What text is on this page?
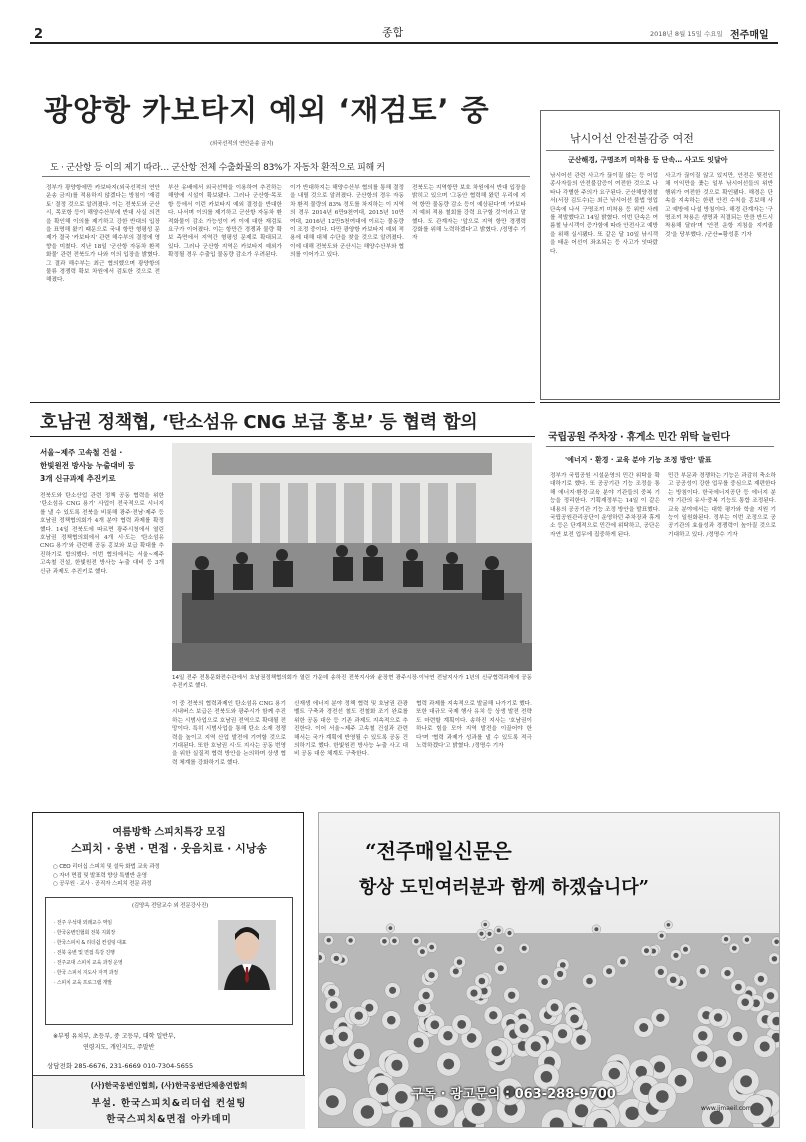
2	종합	2018년 8월 15일 수요일 전주매일
광양항 카보타지 예외 ‘재검토’ 중
(외국선적의 연안운송 금지)
도 · 군산항 등 이의 제기 따라… 군산항 전체 수출화물의 83%가 자동차 환적으로 피해 커
정부가 광양항에만 카보타지(외국선적의 연안운송 금지)를 적용하지 않겠다는 방침이 '재검토' 결정 것으로 알려졌다. 이는 전북도와 군산시, 목포항 등이 해양수산부에 반대 사실 의견을 확인해 이의를 제기하고 강한 반대의 입장을 표명해 왔기 때문으로 국내 항만 형평성 문제가 결국 '카보타지' 관련 해수부의 결정에 영향을 미쳤다. 지난 18일 '군산항 자동차 환적화물' 관련 전북도가 나와 이의 입장을 밝혔다. 그 결과 해수부는 최근 협의했으며 광양항의 물류 경쟁력 확보 차원에서 검토한 것으로 전해졌다.
부산 유배에서 외국선박을 이용하여 추진하는 해양에 시설이 확보됐다. 그러나 군산항·목포항 등에서 이런 카보타지 예외 결정을 반대한다. 나서며 이의를 제기하고 군산항 자동차 환적화물이 감소 가능성이 커 이에 대한 재검토 요구가 이어졌다. 이는 항만간 경쟁과 물량 확보 측면에서 지역간 형평성 문제로 확대되고 있다. 그러나 군산항 지역은 카보타지 예외가 확정될 경우 수출입 물동량 감소가 우려된다.
이가 반대하지는 해양수산부 협의를 통해 결정을 내릴 것으로 알려졌다. 군산항의 경우 자동차 환적 물량의 83% 정도를 차지하는 이 지역의 경우 2014년 6만9천여대, 2015년 10만여대, 2016년 12만5천여대에 이르는 물동량이 조정 중이다. 다만 광양항 카보타지 예외 적용에 대해 대체 수단을 찾을 것으로 알려졌다. 이에 대해 전북도와 군산시는 해양수산부와 협의를 이어가고 있다.
전북도는 지역항만 보호 차원에서 반대 입장을 밝히고 있으며 '그동안 협력해 왔던 우리에 지역 항만 물동량 감소 등이 예상된다'며 '카보타지 예외 적용 철회를 강력 요구할 것'이라고 말했다. 도 관계자는 '앞으로 지역 항만 경쟁력 강화를 위해 노력하겠다'고 밝혔다. /정명수 기자
낚시어선 안전불감증 여전
군산해경, 구명조끼 미착용 등 단속… 사고도 잇달아
낚시어선 관련 사고가 끊이질 않는 등 어업종사자들의 안전불감증이 여전한 것으로 나타나 각별한 주의가 요구된다. 군산해양경찰서(서장 김도수)는 최근 낚시어선 불법 영업 단속에 나서 구명조끼 미착용 등 위반 사례를 적발했다고 14일 밝혔다. 이번 단속은 여름철 낚시객이 증가함에 따라 안전사고 예방을 위해 실시됐다. 또 같은 달 10일 낚시객을 태운 어선이 좌초되는 등 사고가 잇따랐다.
사고가 끊이질 않고 있지만, 안전은 뒷전인 채 이익만을 좇는 일부 낚시어선들의 위반 행위가 여전한 것으로 확인됐다. 해경은 단속을 지속하는 한편 안전 수칙을 홍보해 사고 예방에 나설 방침이다. 해경 관계자는 '구명조끼 착용은 생명과 직결되는 만큼 반드시 착용해 달라'며 '안전 운항 지침을 지켜줄 것'을 당부했다. /군산=황성훈 기자
호남권 정책협, ‘탄소섬유 CNG 보급 홍보’ 등 협력 합의
서울~제주 고속철 건설 ·
한빛원전 방사능 누출대비 등
3개 신규과제 추진키로
전북도와 탄소산업 관련 정책 공동 협력을 위한 '탄소섬유 CNG 용기' 사업이 전국적으로 시너지를 낼 수 있도록 전북을 비롯해 광주·전남·제주 등 호남권 정책협의회가 4개 분야 협력 과제를 확정했다. 14일 전북도에 따르면 광주시청에서 열린 호남권 정책협의회에서 4개 시·도는 '탄소섬유 CNG 용기'와 관련해 공동 홍보와 보급 확대를 추진하기로 합의했다. 이번 협의에서는 서울~제주 고속철 건설, 한빛원전 방사능 누출 대비 등 3개 신규 과제도 추진키로 했다.
14일 전주 전통문화전수관에서 호남권정책협의회가 열린 가운데 송하진 전북지사와 윤장현 광주시장·이낙연 전남지사가 1년의 신규협력과제에 공동 추진키로 했다.
이 중 전북의 협력과제인 탄소섬유 CNG 용기 시내버스 보급은 전북도와 광주시가 함께 추진하는 시범사업으로 호남권 전역으로 확대될 전망이다. 특히 시범사업을 통해 탄소 소재 경쟁력을 높이고 지역 산업 발전에 기여할 것으로 기대된다. 또한 호남권 시·도 지사는 공동 번영을 위한 실질적 협력 방안을 논의하며 상생 협력 체계를 강화하기로 했다.
신재생 에너지 분야 정책 협력 및 호남권 관광벨트 구축과 경전선 철도 전철화 조기 완료를 위한 공동 대응 등 기존 과제도 지속적으로 추진한다. 이어 서울~제주 고속철 건설과 관련해서는 국가 계획에 반영될 수 있도록 공동 건의하기로 했다. 한빛원전 방사능 누출 사고 대비 공동 대응 체계도 구축한다.
협력 과제를 지속적으로 발굴해 나가기로 했다. 또한 대규모 국제 행사 유치 등 상생 발전 전략도 마련할 계획이다. 송하진 지사는 '호남권이 하나로 힘을 모아 지역 발전을 이끌어야 한다'며 '협력 과제가 성과를 낼 수 있도록 적극 노력하겠다'고 밝혔다. /정명수 기자
국립공원 주차장 · 휴게소 민간 위탁 늘린다
'에너지 · 환경 · 교육 분야 기능 조정 방안' 발표
정부가 국립공원 시설운영의 민간 위탁을 확대하기로 했다. 또 공공기관 기능 조정을 통해 에너지·환경·교육 분야 기관들의 중복 기능을 정리한다. 기획재정부는 14일 이 같은 내용의 공공기관 기능 조정 방안을 발표했다. 국립공원관리공단이 운영하던 주차장과 휴게소 등은 단계적으로 민간에 위탁하고, 공단은 자연 보전 업무에 집중하게 된다.
민간 부문과 경쟁하는 기능은 과감히 축소하고 공공성이 강한 업무를 중심으로 재편한다는 방침이다. 한국에너지공단 등 에너지 분야 기관의 유사·중복 기능도 통합 조정된다. 교육 분야에서는 대학 평가와 학술 지원 기능이 일원화된다. 정부는 이번 조정으로 공공기관의 효율성과 경쟁력이 높아질 것으로 기대하고 있다. /정명수 기자
여름방학 스피치특강 모집
스피치 · 웅변 · 면접 · 웃음치료 · 시낭송
○ CEO 리더십 스피치 및 설득 화법 교육 과정
○ 자녀 면접 및 발표력 향상 특별반 운영
○ 공무원 · 교사 · 공직자 스피치 전문 과정
(김양옥 전담교수 외 전문강사진)
· 전주 우석대 외래교수 역임
· 한국웅변인협회 전북 지회장
· 한국스피치 & 리더쉽 컨설팅 대표
· 전북 웅변 및 면접 특강 진행
· 전주교대 스피치 교육 과정 운영
· 한국 스피치 지도사 자격 과정
· 스피치 교육 프로그램 개발
※부평 유치부, 초등부, 중 고등부, 대학 일반부,
연령지도, 개인지도, 주말반
상담전화 285-6676, 231-6669 010-7304-5655
(사)한국웅변인협회, (사)한국웅변단체총연합회
부설. 한국스피치&리더쉽 컨설팅
한국스피치&면접 아카데미
“전주매일신문은
항상 도민여러분과 함께 하겠습니다”
구독 · 광고문의 : 063-288-9700
www.jjmaeil.com
